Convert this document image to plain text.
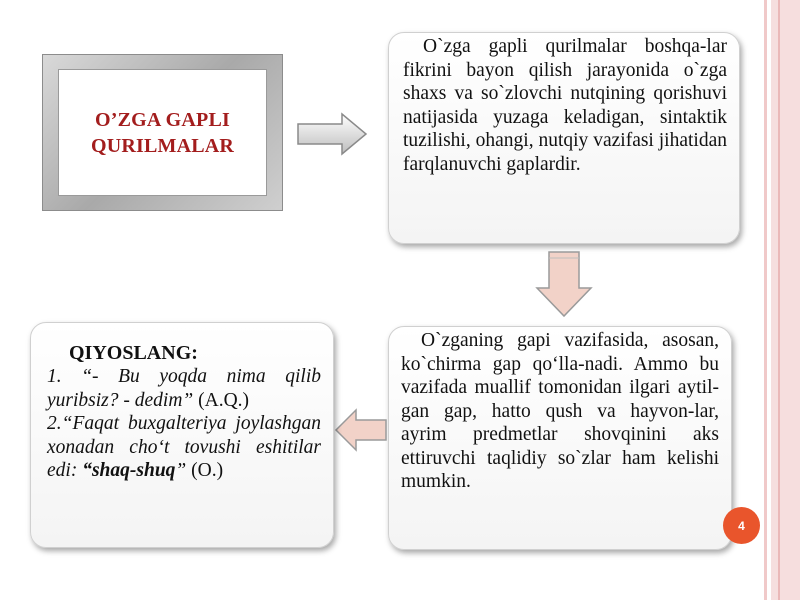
O’ZGA GAPLI
QURILMALAR
O`zga gapli qurilmalar boshqa-lar fikrini bayon qilish jarayonida o`zga shaxs va so`zlovchi nutqining qorishuvi natijasida yuzaga keladigan, sintaktik tuzilishi, ohangi, nutqiy vazifasi jihatidan farqlanuvchi gaplardir.
O`zganing gapi vazifasida, asosan, ko`chirma gap qo‘lla-nadi. Ammo bu vazifada muallif tomonidan ilgari aytil-gan gap, hatto qush va hayvon-lar, ayrim predmetlar shovqinini aks ettiruvchi taqlidiy so`zlar ham kelishi mumkin.
QIYOSLANG:
1. “- Bu yoqda nima qilib yuribsiz? - dedim” (A.Q.)
2.“Faqat buxgalteriya joylashgan xonadan cho‘t tovushi eshitilar edi: “shaq-shuq” (O.)
4
